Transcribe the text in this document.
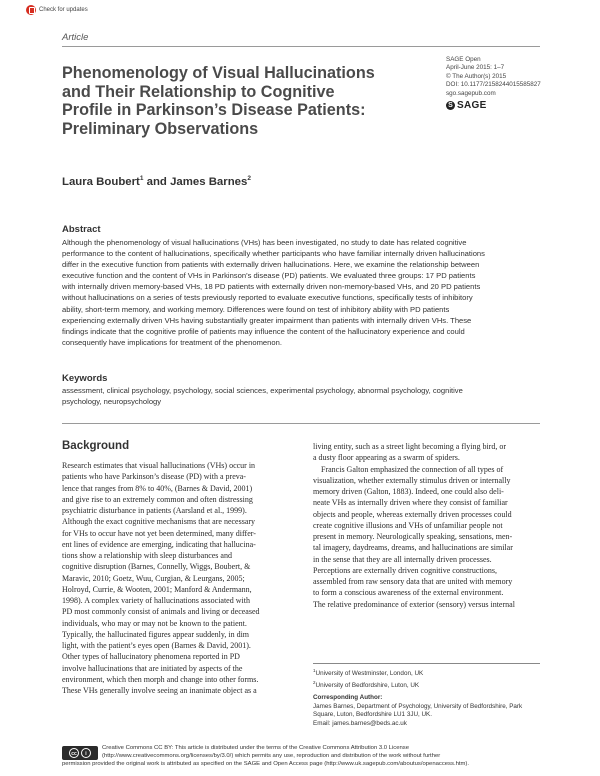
Check for updates
Article
Phenomenology of Visual Hallucinations
and Their Relationship to Cognitive
Profile in Parkinson’s Disease Patients:
Preliminary Observations
SAGE Open
April-June 2015: 1–7
© The Author(s) 2015
DOI: 10.1177/2158244015585827
sgo.sagepub.com
S SAGE
Laura Boubert$^1$ and James Barnes$^2$
Abstract
Although the phenomenology of visual hallucinations (VHs) has been investigated, no study to date has related cognitive
performance to the content of hallucinations, specifically whether participants who have familiar internally driven hallucinations
differ in the executive function from patients with externally driven hallucinations. Here, we examine the relationship between
executive function and the content of VHs in Parkinson’s disease (PD) patients. We evaluated three groups: 17 PD patients
with internally driven memory-based VHs, 18 PD patients with externally driven non-memory-based VHs, and 20 PD patients
without hallucinations on a series of tests previously reported to evaluate executive functions, specifically tests of inhibitory
ability, short-term memory, and working memory. Differences were found on test of inhibitory ability with PD patients
experiencing externally driven VHs having substantially greater impairment than patients with internally driven VHs. These
findings indicate that the cognitive profile of patients may influence the content of the hallucinatory experience and could
consequently have implications for treatment of the phenomenon.
Keywords
assessment, clinical psychology, psychology, social sciences, experimental psychology, abnormal psychology, cognitive
psychology, neuropsychology
Background
Research estimates that visual hallucinations (VHs) occur in
patients who have Parkinson’s disease (PD) with a preva-
lence that ranges from 8% to 40%, (Barnes & David, 2001)
and give rise to an extremely common and often distressing
psychiatric disturbance in patients (Aarsland et al., 1999).
Although the exact cognitive mechanisms that are necessary
for VHs to occur have not yet been determined, many differ-
ent lines of evidence are emerging, indicating that hallucina-
tions show a relationship with sleep disturbances and
cognitive disruption (Barnes, Connelly, Wiggs, Boubert, &
Maravic, 2010; Goetz, Wuu, Curgian, & Leurgans, 2005;
Holroyd, Currie, & Wooten, 2001; Manford & Andermann,
1998). A complex variety of hallucinations associated with
PD most commonly consist of animals and living or deceased
individuals, who may or may not be known to the patient.
Typically, the hallucinated figures appear suddenly, in dim
light, with the patient’s eyes open (Barnes & David, 2001).
Other types of hallucinatory phenomena reported in PD
involve hallucinations that are initiated by aspects of the
environment, which then morph and change into other forms.
These VHs generally involve seeing an inanimate object as a
living entity, such as a street light becoming a flying bird, or
a dusty floor appearing as a swarm of spiders.
Francis Galton emphasized the connection of all types of
visualization, whether externally stimulus driven or internally
memory driven (Galton, 1883). Indeed, one could also deli-
neate VHs as internally driven where they consist of familiar
objects and people, whereas externally driven processes could
create cognitive illusions and VHs of unfamiliar people not
present in memory. Neurologically speaking, sensations, men-
tal imagery, daydreams, dreams, and hallucinations are similar
in the sense that they are all internally driven processes.
Perceptions are externally driven cognitive constructions,
assembled from raw sensory data that are united with memory
to form a conscious awareness of the external environment.
The relative predominance of exterior (sensory) versus internal
$^1$University of Westminster, London, UK
$^2$University of Bedfordshire, Luton, UK
Corresponding Author:
James Barnes, Department of Psychology, University of Bedfordshire, Park
Square, Luton, Bedfordshire LU1 3JU, UK.
Email: james.barnes@beds.ac.uk
cc	i
Creative Commons CC BY: This article is distributed under the terms of the Creative Commons Attribution 3.0 License
(http://www.creativecommons.org/licenses/by/3.0/) which permits any use, reproduction and distribution of the work without further
permission provided the original work is attributed as specified on the SAGE and Open Access page (http://www.uk.sagepub.com/aboutus/openaccess.htm).
